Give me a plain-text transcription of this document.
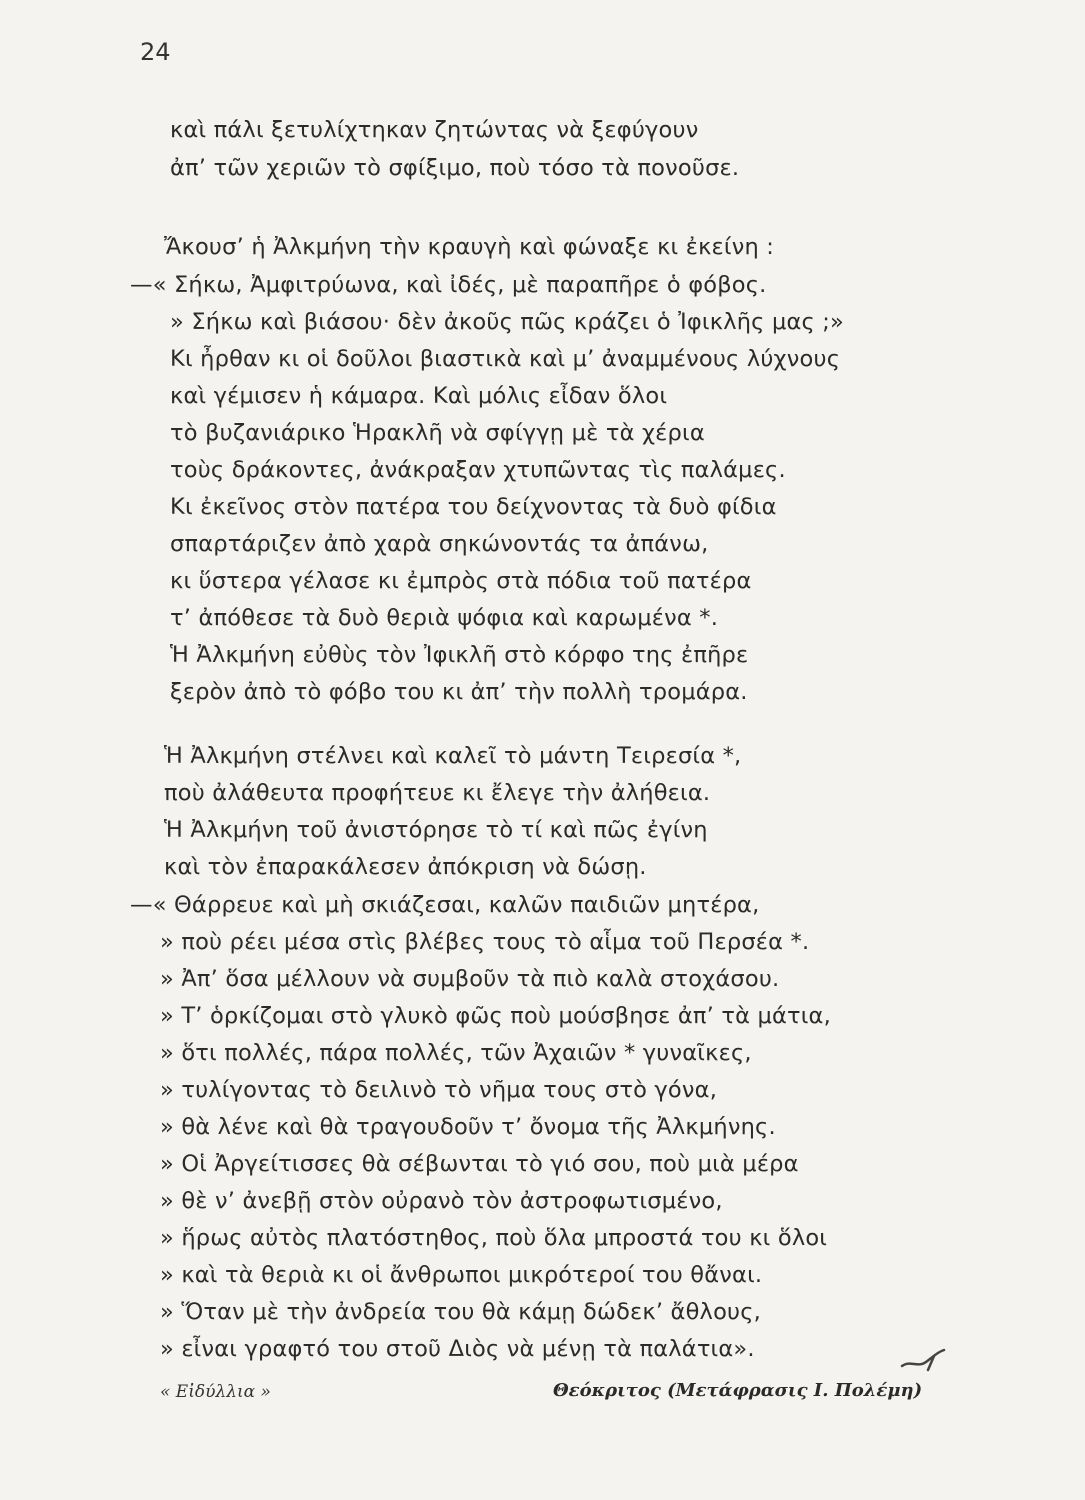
24
καὶ πάλι ξετυλίχτηκαν ζητώντας νὰ ξεφύγουν
ἀπ’ τῶν χεριῶν τὸ σφίξιμο, ποὺ τόσο τὰ πονοῦσε.
Ἄκουσ’ ἡ Ἀλκμήνη τὴν κραυγὴ καὶ φώναξε κι ἐκείνη :
—« Σήκω, Ἀμφιτρύωνα, καὶ ἰδές, μὲ παραπῆρε ὁ φόβος.
» Σήκω καὶ βιάσου· δὲν ἀκοῦς πῶς κράζει ὁ Ἰφικλῆς μας ;»
Κι ἦρθαν κι οἱ δοῦλοι βιαστικὰ καὶ μ’ ἀναμμένους λύχνους
καὶ γέμισεν ἡ κάμαρα. Καὶ μόλις εἶδαν ὅλοι
τὸ βυζανιάρικο Ἡρακλῆ νὰ σφίγγῃ μὲ τὰ χέρια
τοὺς δράκοντες, ἀνάκραξαν χτυπῶντας τὶς παλάμες.
Κι ἐκεῖνος στὸν πατέρα του δείχνοντας τὰ δυὸ φίδια
σπαρτάριζεν ἀπὸ χαρὰ σηκώνοντάς τα ἀπάνω,
κι ὕστερα γέλασε κι ἐμπρὸς στὰ πόδια τοῦ πατέρα
τ’ ἀπόθεσε τὰ δυὸ θεριὰ ψόφια καὶ καρωμένα *.
Ἡ Ἀλκμήνη εὐθὺς τὸν Ἰφικλῆ στὸ κόρφο της ἐπῆρε
ξερὸν ἀπὸ τὸ φόβο του κι ἀπ’ τὴν πολλὴ τρομάρα.
Ἡ Ἀλκμήνη στέλνει καὶ καλεῖ τὸ μάντη Τειρεσία *,
ποὺ ἀλάθευτα προφήτευε κι ἔλεγε τὴν ἀλήθεια.
Ἡ Ἀλκμήνη τοῦ ἀνιστόρησε τὸ τί καὶ πῶς ἐγίνη
καὶ τὸν ἐπαρακάλεσεν ἀπόκριση νὰ δώσῃ.
—« Θάρρευε καὶ μὴ σκιάζεσαι, καλῶν παιδιῶν μητέρα,
» ποὺ ρέει μέσα στὶς βλέβες τους τὸ αἷμα τοῦ Περσέα *.
» Ἀπ’ ὅσα μέλλουν νὰ συμβοῦν τὰ πιὸ καλὰ στοχάσου.
» Τ’ ὁρκίζομαι στὸ γλυκὸ φῶς ποὺ μούσβησε ἀπ’ τὰ μάτια,
» ὅτι πολλές, πάρα πολλές, τῶν Ἀχαιῶν * γυναῖκες,
» τυλίγοντας τὸ δειλινὸ τὸ νῆμα τους στὸ γόνα,
» θὰ λένε καὶ θὰ τραγουδοῦν τ’ ὄνομα τῆς Ἀλκμήνης.
» Οἱ Ἀργείτισσες θὰ σέβωνται τὸ γιό σου, ποὺ μιὰ μέρα
» θὲ ν’ ἀνεβῇ στὸν οὐρανὸ τὸν ἀστροφωτισμένο,
» ἥρως αὐτὸς πλατόστηθος, ποὺ ὅλα μπροστά του κι ὅλοι
» καὶ τὰ θεριὰ κι οἱ ἄνθρωποι μικρότεροί του θἄναι.
» Ὅταν μὲ τὴν ἀνδρεία του θὰ κάμῃ δώδεκ’ ἄθλους,
» εἶναι γραφτό του στοῦ Διὸς νὰ μένῃ τὰ παλάτια».
« Εἰδύλλια »	Θεόκριτος (Μετάφρασις Ι. Πολέμη)
